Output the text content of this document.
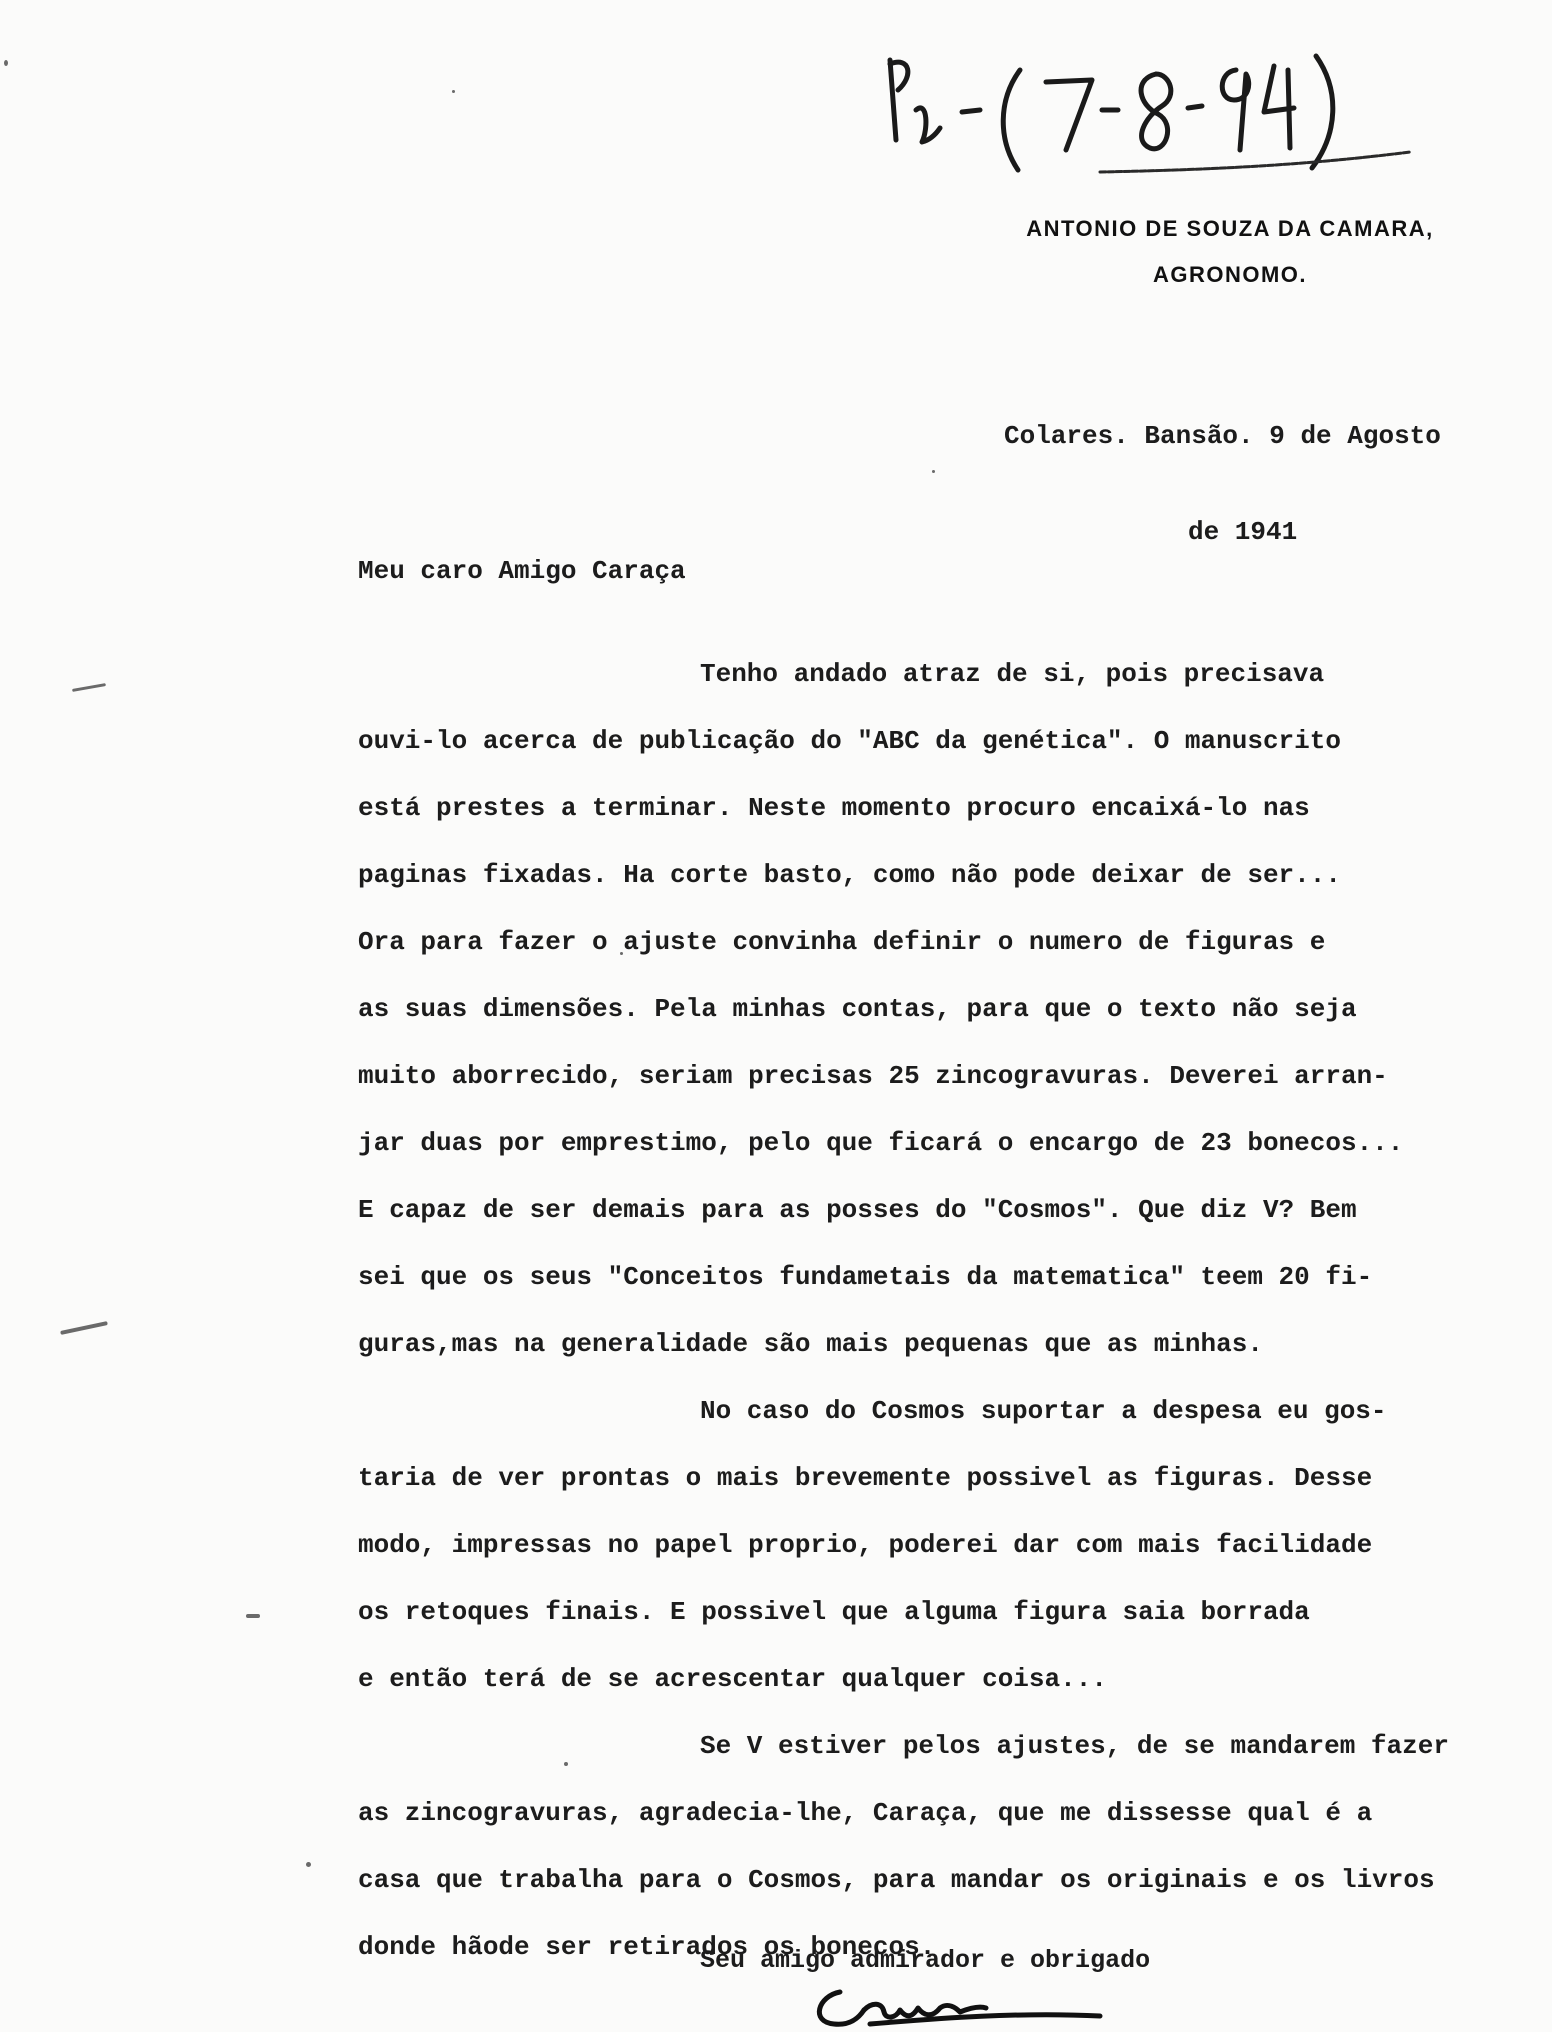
ANTONIO DE SOUZA DA CAMARA,
AGRONOMO.

Colares. Bansão. 9 de Agosto

de 1941

Meu caro Amigo Caraça
Tenho andado atraz de si, pois precisava
ouvi-lo acerca de publicação do "ABC da genética". O manuscrito
está prestes a terminar. Neste momento procuro encaixá-lo nas
paginas fixadas. Ha corte basto, como não pode deixar de ser...
Ora para fazer o ajuste convinha definir o numero de figuras e
as suas dimensões. Pela minhas contas, para que o texto não seja
muito aborrecido, seriam precisas 25 zincogravuras. Deverei arran-
jar duas por emprestimo, pelo que ficará o encargo de 23 bonecos...
E capaz de ser demais para as posses do "Cosmos". Que diz V? Bem
sei que os seus "Conceitos fundametais da matematica" teem 20 fi-
guras,mas na generalidade são mais pequenas que as minhas.
No caso do Cosmos suportar a despesa eu gos-
taria de ver prontas o mais brevemente possivel as figuras. Desse
modo, impressas no papel proprio, poderei dar com mais facilidade
os retoques finais. E possivel que alguma figura saia borrada
e então terá de se acrescentar qualquer coisa...
Se V estiver pelos ajustes, de se mandarem fazer
as zincogravuras, agradecia-lhe, Caraça, que me dissesse qual é a
casa que trabalha para o Cosmos, para mandar os originais e os livros
donde hãode ser retirados os bonecos.
Seu amigo admirador e obrigado
